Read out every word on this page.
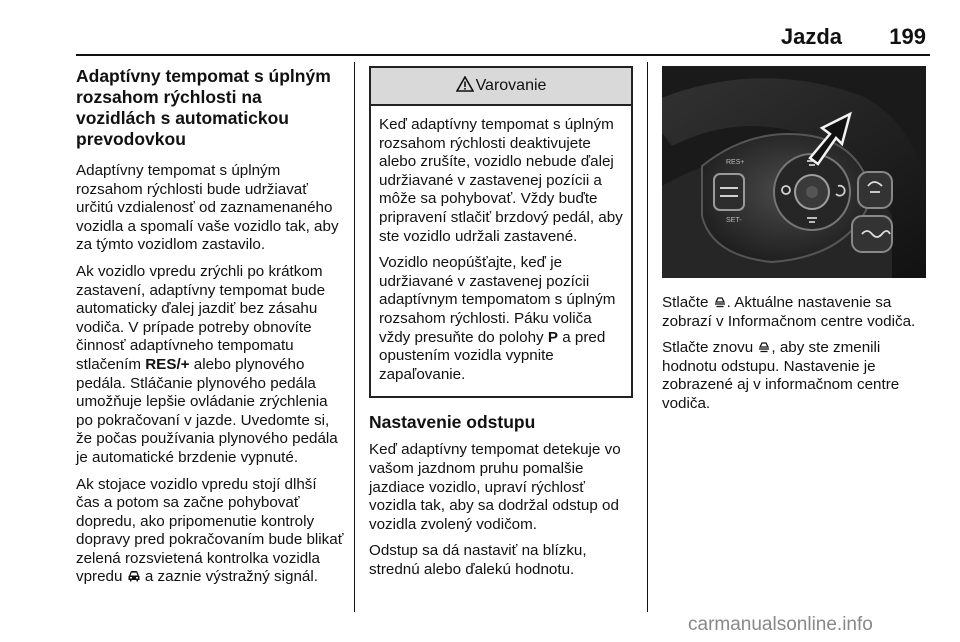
Jazda 199
Adaptívny tempomat s úplným rozsahom rýchlosti na vozidlách s automatickou prevodovkou

Adaptívny tempomat s úplným rozsahom rýchlosti bude udržiavať určitú vzdialenosť od zaznamenaného vozidla a spomalí vaše vozidlo tak, aby za týmto vozidlom zastavilo.

Ak vozidlo vpredu zrýchli po krátkom zastavení, adaptívny tempomat bude automaticky ďalej jazdiť bez zásahu vodiča. V prípade potreby obnovíte činnosť adaptívneho tempomatu stlačením RES/+ alebo plynového pedála. Stláčanie plynového pedála umožňuje lepšie ovládanie zrýchlenia po pokračovaní v jazde. Uvedomte si, že počas používania plynového pedála je automatické brzdenie vypnuté.

Ak stojace vozidlo vpredu stojí dlhší čas a potom sa začne pohybovať dopredu, ako pripomenutie kontroly dopravy pred pokračovaním bude blikať zelená rozsvietená kontrolka vozidla vpredu  a zaznie výstražný signál.

Varovanie

Keď adaptívny tempomat s úplným rozsahom rýchlosti deaktivujete alebo zrušíte, vozidlo nebude ďalej udržiavané v zastavenej pozícii a môže sa pohybovať. Vždy buďte pripravení stlačiť brzdový pedál, aby ste vozidlo udržali zastavené.

Vozidlo neopúšťajte, keď je udržiavané v zastavenej pozícii adaptívnym tempomatom s úplným rozsahom rýchlosti. Páku voliča vždy presuňte do polohy P a pred opustením vozidla vypnite zapaľovanie.

Nastavenie odstupu

Keď adaptívny tempomat detekuje vo vašom jazdnom pruhu pomalšie jazdiace vozidlo, upraví rýchlosť vozidla tak, aby sa dodržal odstup od vozidla zvolený vodičom.

Odstup sa dá nastaviť na blízku, strednú alebo ďalekú hodnotu.

RES+
SET-

Stlačte . Aktuálne nastavenie sa zobrazí v Informačnom centre vodiča.

Stlačte znovu , aby ste zmenili hodnotu odstupu. Nastavenie je zobrazené aj v informačnom centre vodiča.

carmanualsonline.info
